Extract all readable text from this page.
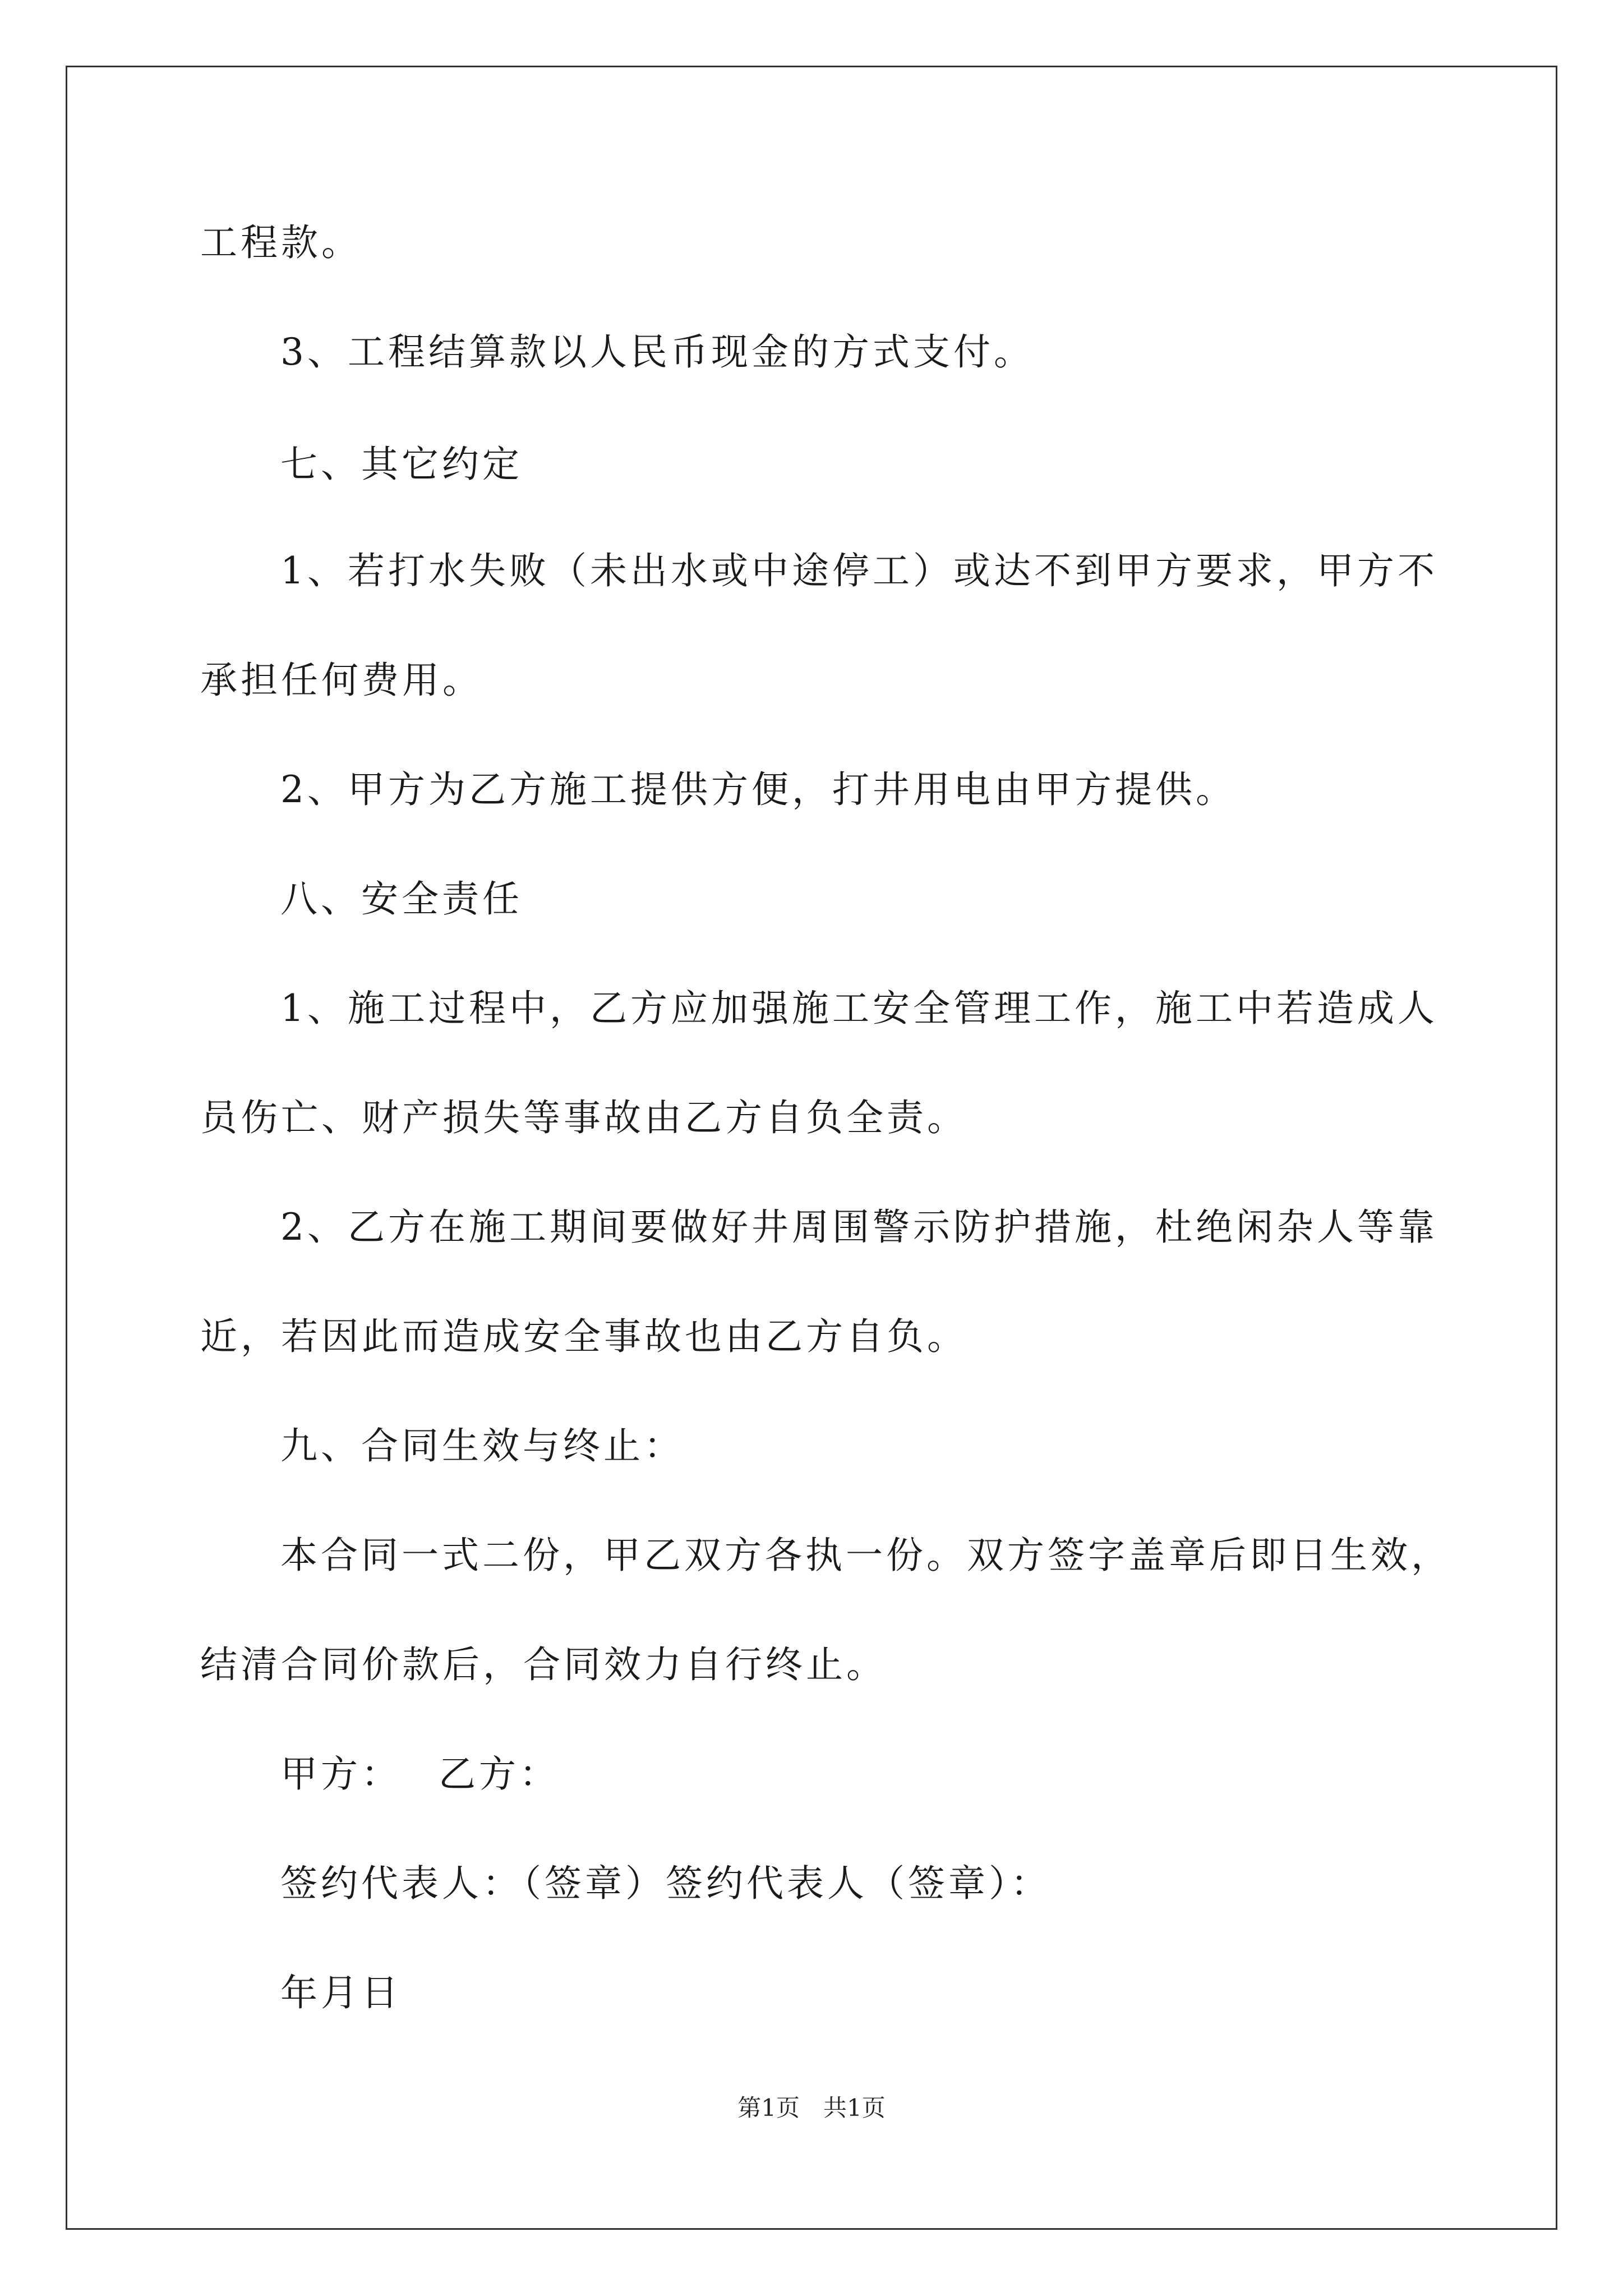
工程款。
3、工程结算款以人民币现金的方式支付。
七、其它约定
1、若打水失败（未出水或中途停工）或达不到甲方要求，甲方不
承担任何费用。
2、甲方为乙方施工提供方便，打井用电由甲方提供。
八、安全责任
1、施工过程中，乙方应加强施工安全管理工作，施工中若造成人
员伤亡、财产损失等事故由乙方自负全责。
2、乙方在施工期间要做好井周围警示防护措施，杜绝闲杂人等靠
近，若因此而造成安全事故也由乙方自负。
九、合同生效与终止：
本合同一式二份，甲乙双方各执一份。双方签字盖章后即日生效，
结清合同价款后，合同效力自行终止。
甲方：　 乙方：
签约代表人：（签章）签约代表人（签章）：
年月日
第1页 共1页
